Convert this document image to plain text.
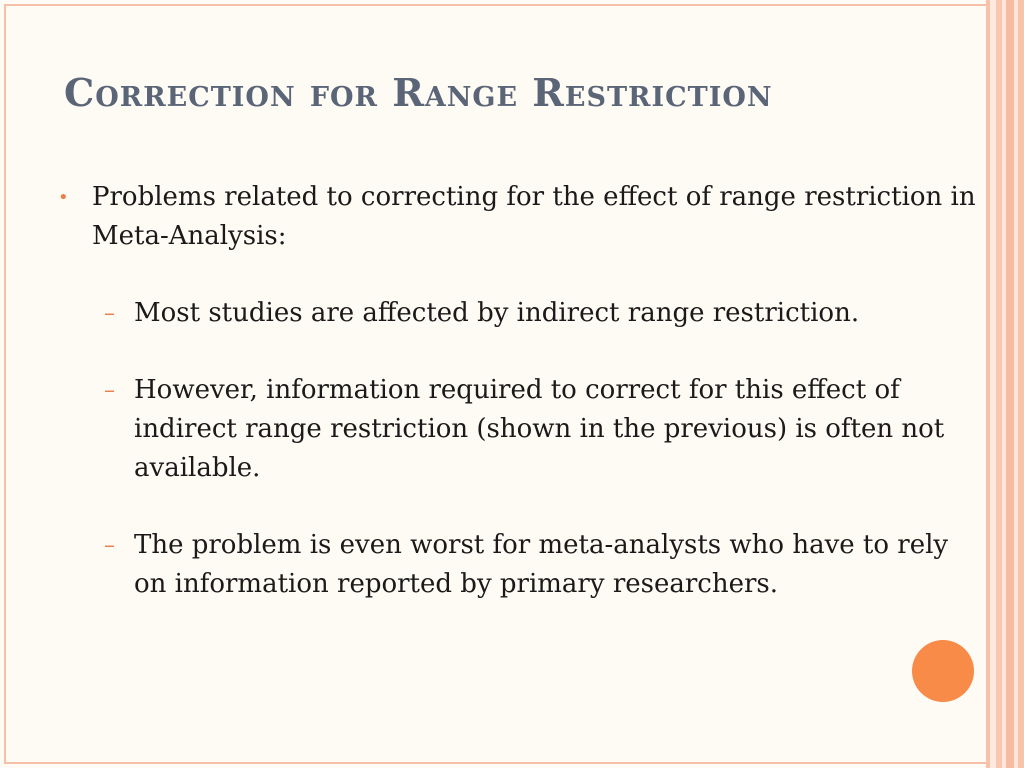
Correction for Range Restriction

• Problems related to correcting for the effect of range restriction in Meta-Analysis:

– Most studies are affected by indirect range restriction.

– However, information required to correct for this effect of indirect range restriction (shown in the previous) is often not available.

– The problem is even worst for meta-analysts who have to rely on information reported by primary researchers.
